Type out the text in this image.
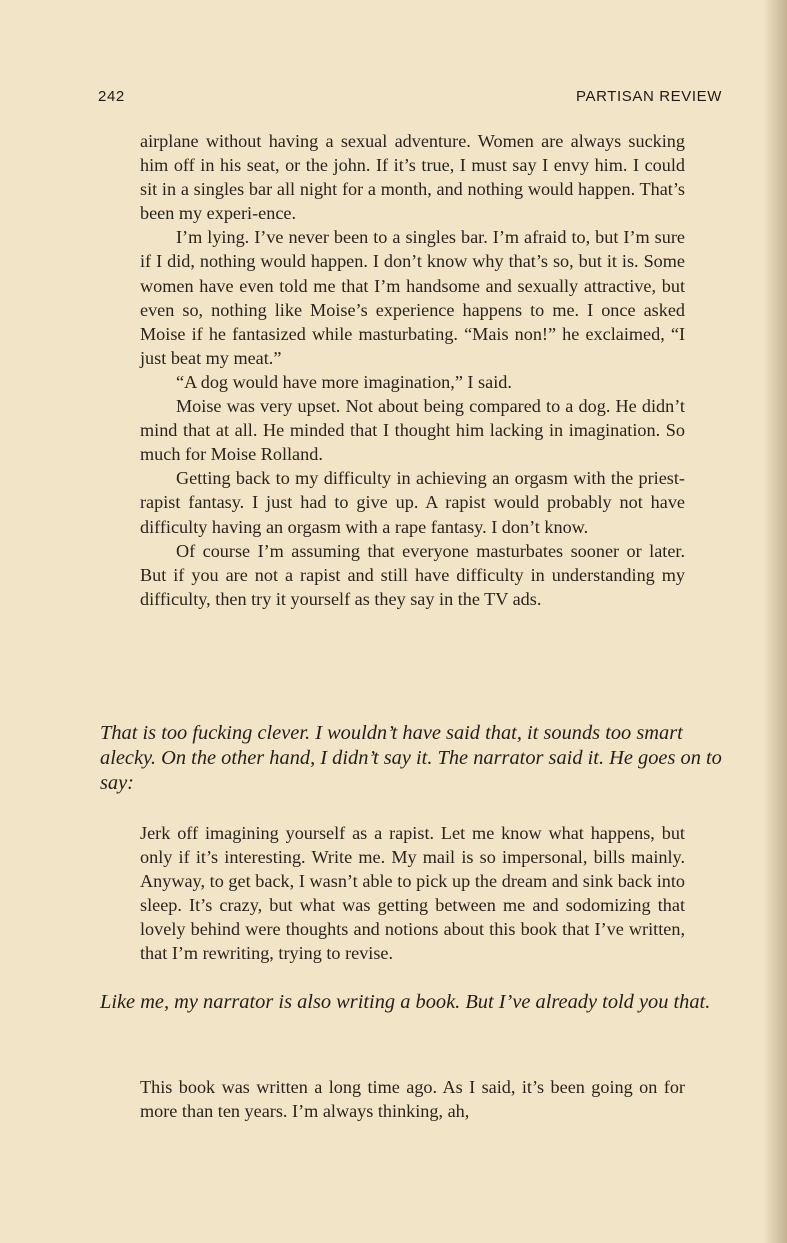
242	PARTISAN REVIEW

airplane without having a sexual adventure. Women are always sucking him off in his seat, or the john. If it’s true, I must say I envy him. I could sit in a singles bar all night for a month, and nothing would happen. That’s been my experi-ence.

I’m lying. I’ve never been to a singles bar. I’m afraid to, but I’m sure if I did, nothing would happen. I don’t know why that’s so, but it is. Some women have even told me that I’m handsome and sexually attractive, but even so, nothing like Moise’s experience happens to me. I once asked Moise if he fantasized while masturbating. “Mais non!” he exclaimed, “I just beat my meat.”

“A dog would have more imagination,” I said.

Moise was very upset. Not about being compared to a dog. He didn’t mind that at all. He minded that I thought him lacking in imagination. So much for Moise Rolland.

Getting back to my difficulty in achieving an orgasm with the priest-rapist fantasy. I just had to give up. A rapist would probably not have difficulty having an orgasm with a rape fantasy. I don’t know.

Of course I’m assuming that everyone masturbates sooner or later. But if you are not a rapist and still have difficulty in understanding my difficulty, then try it yourself as they say in the TV ads.

That is too fucking clever. I wouldn’t have said that, it sounds too smart alecky. On the other hand, I didn’t say it. The narrator said it. He goes on to say:

Jerk off imagining yourself as a rapist. Let me know what happens, but only if it’s interesting. Write me. My mail is so impersonal, bills mainly. Anyway, to get back, I wasn’t able to pick up the dream and sink back into sleep. It’s crazy, but what was getting between me and sodomizing that lovely behind were thoughts and notions about this book that I’ve written, that I’m rewriting, trying to revise.

Like me, my narrator is also writing a book. But I’ve already told you that.

This book was written a long time ago. As I said, it’s been going on for more than ten years. I’m always thinking, ah,
